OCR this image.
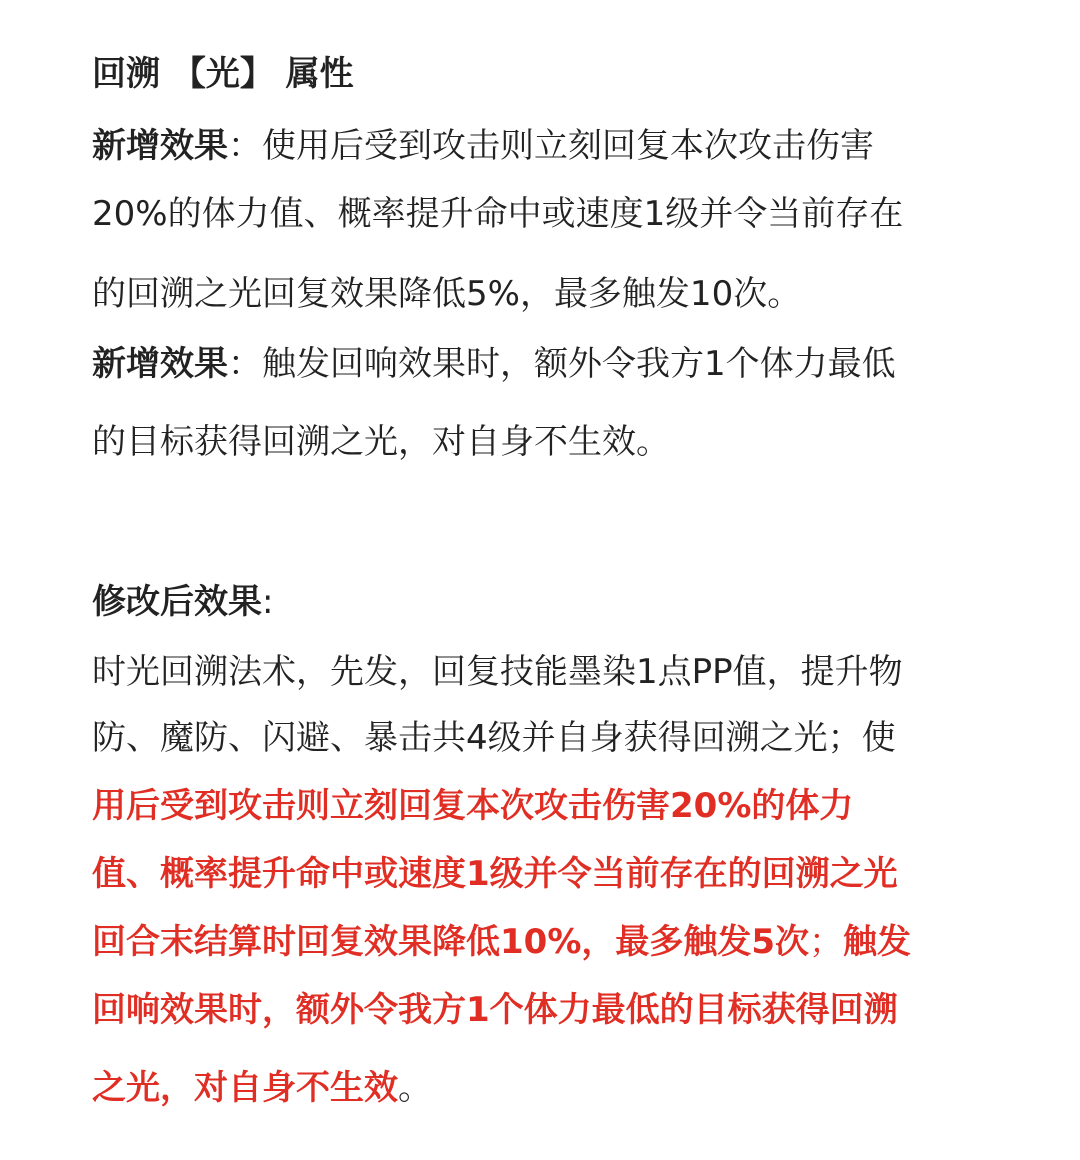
回溯 【光】 属性

新增效果：使用后受到攻击则立刻回复本次攻击伤害

20%的体力值、概率提升命中或速度1级并令当前存在

的回溯之光回复效果降低5%，最多触发10次。

新增效果：触发回响效果时，额外令我方1个体力最低

的目标获得回溯之光，对自身不生效。

修改后效果:

时光回溯法术，先发，回复技能墨染1点PP值，提升物

防、魔防、闪避、暴击共4级并自身获得回溯之光；使

用后受到攻击则立刻回复本次攻击伤害20%的体力

值、概率提升命中或速度1级并令当前存在的回溯之光

回合末结算时回复效果降低10%，最多触发5次；触发

回响效果时，额外令我方1个体力最低的目标获得回溯

之光，对自身不生效。
